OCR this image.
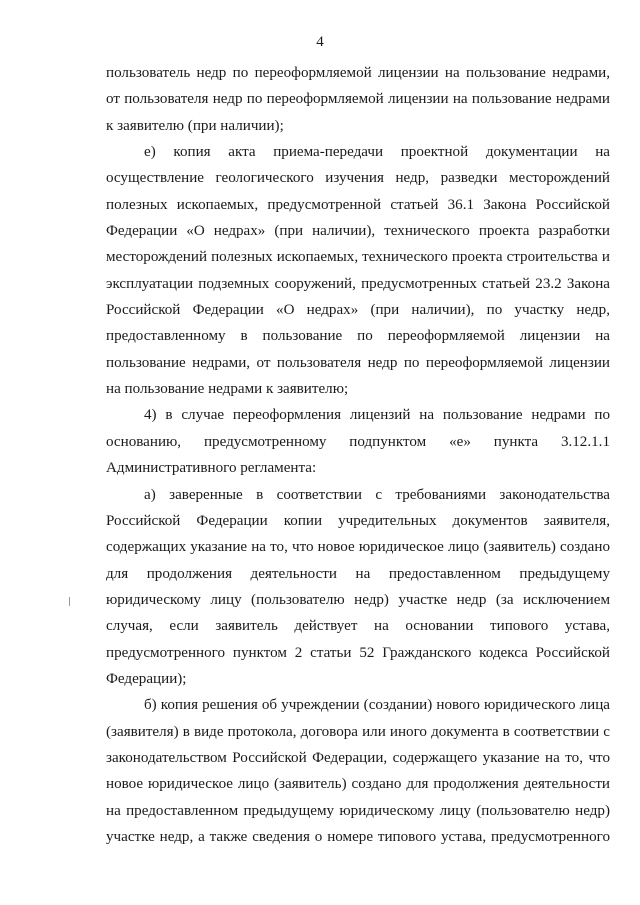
4

пользователь недр по переоформляемой лицензии на пользование недрами,
от пользователя недр по переоформляемой лицензии на пользование недрами
к заявителю (при наличии);

е) копия акта приема-передачи проектной документации на
осуществление геологического изучения недр, разведки месторождений
полезных ископаемых, предусмотренной статьей 36.1 Закона Российской
Федерации «О недрах» (при наличии), технического проекта разработки
месторождений полезных ископаемых, технического проекта строительства и
эксплуатации подземных сооружений, предусмотренных статьей 23.2 Закона
Российской Федерации «О недрах» (при наличии), по участку недр,
предоставленному в пользование по переоформляемой лицензии на
пользование недрами, от пользователя недр по переоформляемой лицензии
на пользование недрами к заявителю;

4) в случае переоформления лицензий на пользование недрами по
основанию, предусмотренному подпунктом «е» пункта 3.12.1.1
Административного регламента:

а) заверенные в соответствии с требованиями законодательства
Российской Федерации копии учредительных документов заявителя,
содержащих указание на то, что новое юридическое лицо (заявитель) создано
для продолжения деятельности на предоставленном предыдущему
юридическому лицу (пользователю недр) участке недр (за исключением
случая, если заявитель действует на основании типового устава,
предусмотренного пунктом 2 статьи 52 Гражданского кодекса Российской
Федерации);

б) копия решения об учреждении (создании) нового юридического лица
(заявителя) в виде протокола, договора или иного документа в соответствии с
законодательством Российской Федерации, содержащего указание на то, что
новое юридическое лицо (заявитель) создано для продолжения деятельности
на предоставленном предыдущему юридическому лицу (пользователю недр)
участке недр, а также сведения о номере типового устава, предусмотренного
